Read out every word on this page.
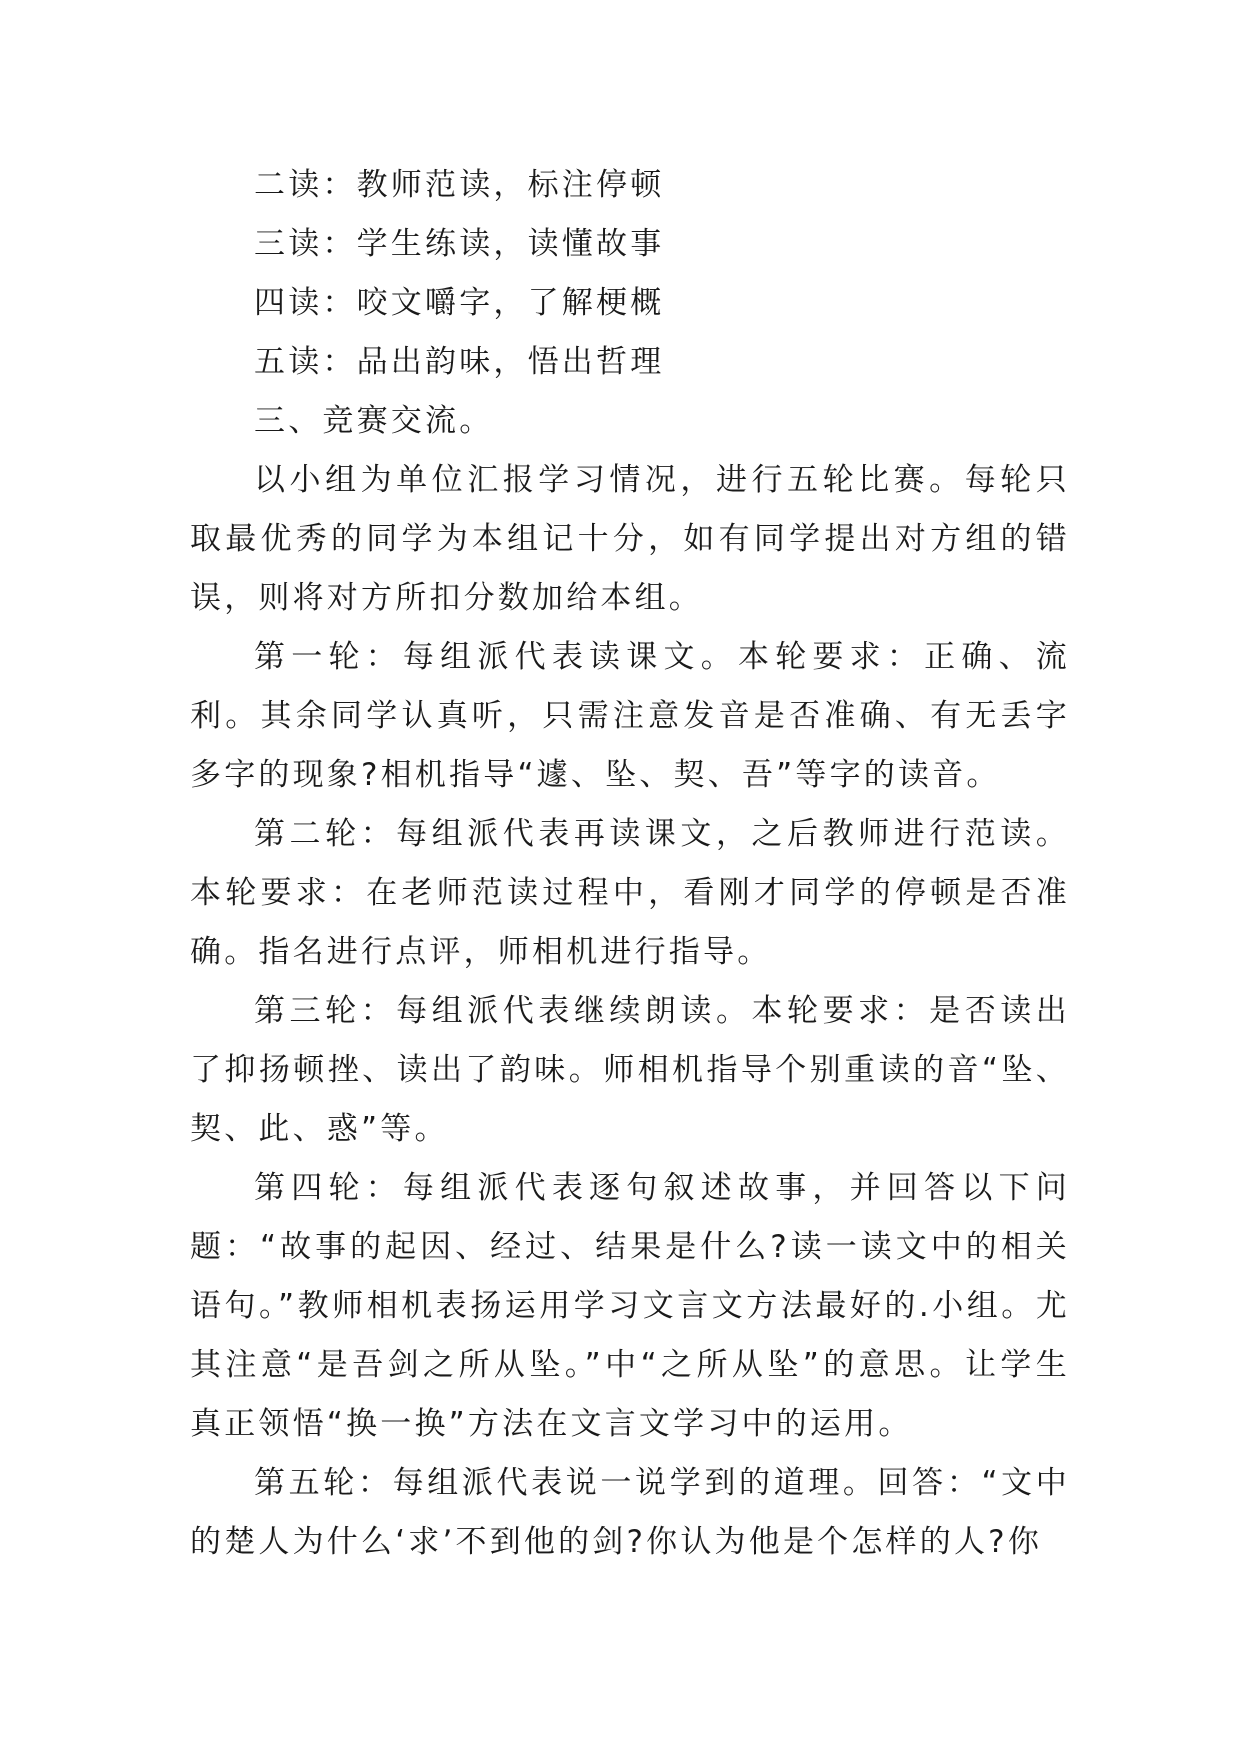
二读：教师范读，标注停顿

三读：学生练读，读懂故事

四读：咬文嚼字，了解梗概

五读：品出韵味，悟出哲理

三、竞赛交流。

以小组为单位汇报学习情况，进行五轮比赛。每轮只取最优秀的同学为本组记十分，如有同学提出对方组的错误，则将对方所扣分数加给本组。

第一轮：每组派代表读课文。本轮要求：正确、流利。其余同学认真听，只需注意发音是否准确、有无丢字多字的现象?相机指导“遽、坠、契、吾”等字的读音。

第二轮：每组派代表再读课文，之后教师进行范读。本轮要求：在老师范读过程中，看刚才同学的停顿是否准确。指名进行点评，师相机进行指导。

第三轮：每组派代表继续朗读。本轮要求：是否读出了抑扬顿挫、读出了韵味。师相机指导个别重读的音“坠、契、此、惑”等。

第四轮：每组派代表逐句叙述故事，并回答以下问题：“故事的起因、经过、结果是什么?读一读文中的相关语句。”教师相机表扬运用学习文言文方法最好的.小组。尤其注意“是吾剑之所从坠。”中“之所从坠”的意思。让学生真正领悟“换一换”方法在文言文学习中的运用。

第五轮：每组派代表说一说学到的道理。回答：“文中的楚人为什么‘求’不到他的剑?你认为他是个怎样的人?你
